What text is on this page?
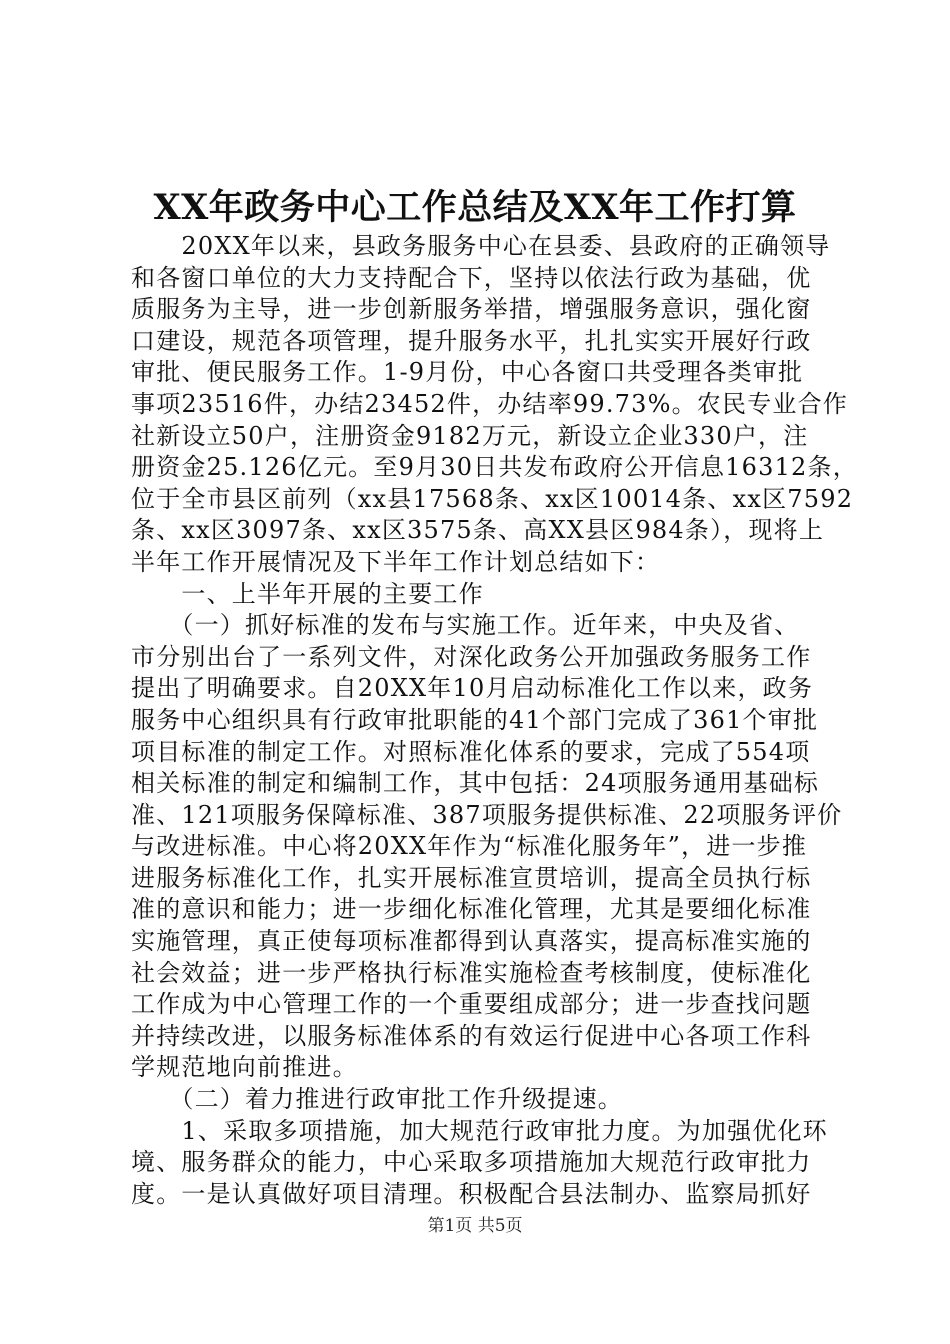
XX年政务中心工作总结及XX年工作打算
　　20XX年以来，县政务服务中心在县委、县政府的正确领导
和各窗口单位的大力支持配合下，坚持以依法行政为基础，优
质服务为主导，进一步创新服务举措，增强服务意识，强化窗
口建设，规范各项管理，提升服务水平，扎扎实实开展好行政
审批、便民服务工作。1-9月份，中心各窗口共受理各类审批
事项23516件，办结23452件，办结率99.73%。农民专业合作
社新设立50户，注册资金9182万元，新设立企业330户，注
册资金25.126亿元。至9月30日共发布政府公开信息16312条，
位于全市县区前列（xx县17568条、xx区10014条、xx区7592
条、xx区3097条、xx区3575条、高XX县区984条），现将上
半年工作开展情况及下半年工作计划总结如下：
　　一、上半年开展的主要工作
　　（一）抓好标准的发布与实施工作。近年来，中央及省、
市分别出台了一系列文件，对深化政务公开加强政务服务工作
提出了明确要求。自20XX年10月启动标准化工作以来，政务
服务中心组织具有行政审批职能的41个部门完成了361个审批
项目标准的制定工作。对照标准化体系的要求，完成了554项
相关标准的制定和编制工作，其中包括：24项服务通用基础标
准、121项服务保障标准、387项服务提供标准、22项服务评价
与改进标准。中心将20XX年作为“标准化服务年”，进一步推
进服务标准化工作，扎实开展标准宣贯培训，提高全员执行标
准的意识和能力；进一步细化标准化管理，尤其是要细化标准
实施管理，真正使每项标准都得到认真落实，提高标准实施的
社会效益；进一步严格执行标准实施检查考核制度，使标准化
工作成为中心管理工作的一个重要组成部分；进一步查找问题
并持续改进，以服务标准体系的有效运行促进中心各项工作科
学规范地向前推进。
　　（二）着力推进行政审批工作升级提速。
　　1、采取多项措施，加大规范行政审批力度。为加强优化环
境、服务群众的能力，中心采取多项措施加大规范行政审批力
度。一是认真做好项目清理。积极配合县法制办、监察局抓好
第1页 共5页
